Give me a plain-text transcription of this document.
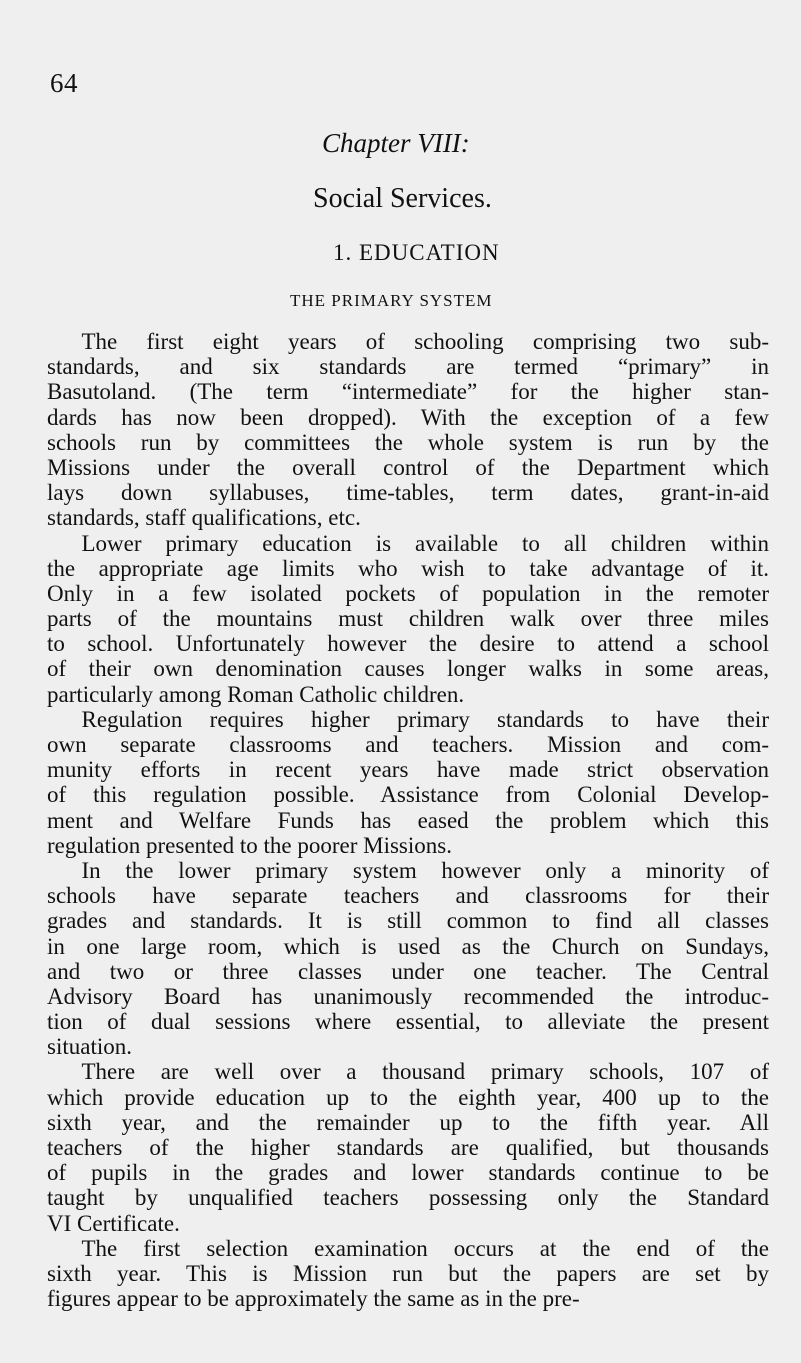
64
Chapter VIII:
Social Services.
1. EDUCATION
THE PRIMARY SYSTEM
  The first eight years of schooling comprising two sub-
standards, and six standards are termed “primary” in
Basutoland. (The term “intermediate” for the higher stan-
dards has now been dropped). With the exception of a few
schools run by committees the whole system is run by the
Missions under the overall control of the Department which
lays down syllabuses, time-tables, term dates, grant-in-aid
standards, staff qualifications, etc.
  Lower primary education is available to all children within
the appropriate age limits who wish to take advantage of it.
Only in a few isolated pockets of population in the remoter
parts of the mountains must children walk over three miles
to school. Unfortunately however the desire to attend a school
of their own denomination causes longer walks in some areas,
particularly among Roman Catholic children.
  Regulation requires higher primary standards to have their
own separate classrooms and teachers. Mission and com-
munity efforts in recent years have made strict observation
of this regulation possible. Assistance from Colonial Develop-
ment and Welfare Funds has eased the problem which this
regulation presented to the poorer Missions.
  In the lower primary system however only a minority of
schools have separate teachers and classrooms for their
grades and standards. It is still common to find all classes
in one large room, which is used as the Church on Sundays,
and two or three classes under one teacher. The Central
Advisory Board has unanimously recommended the introduc-
tion of dual sessions where essential, to alleviate the present
situation.
  There are well over a thousand primary schools, 107 of
which provide education up to the eighth year, 400 up to the
sixth year, and the remainder up to the fifth year. All
teachers of the higher standards are qualified, but thousands
of pupils in the grades and lower standards continue to be
taught by unqualified teachers possessing only the Standard
VI Certificate.
  The first selection examination occurs at the end of the
sixth year. This is Mission run but the papers are set by
figures appear to be approximately the same as in the pre-
